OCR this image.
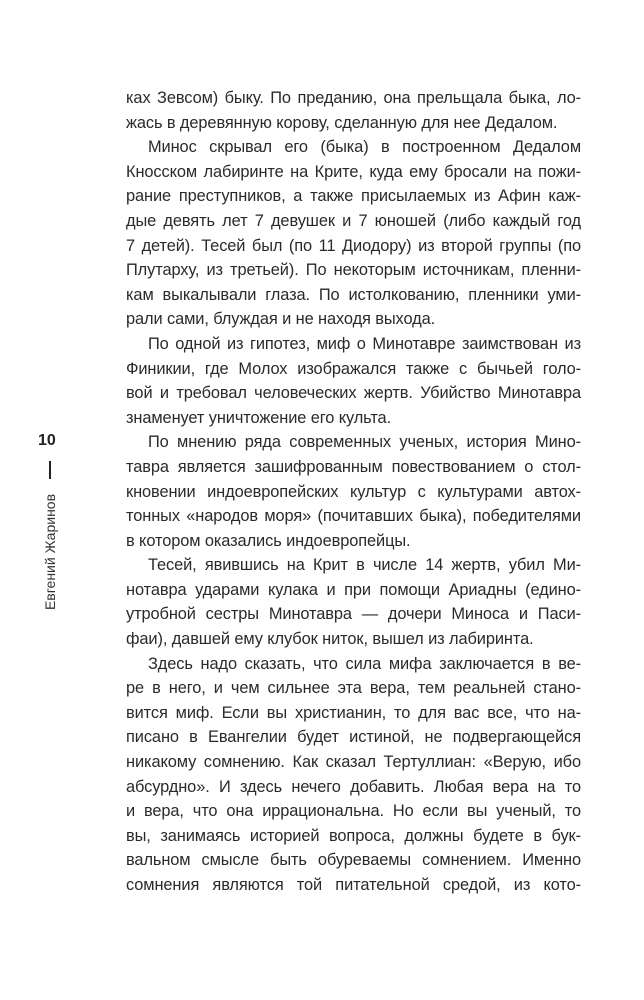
10
Евгений Жаринов
ках Зевсом) быку. По преданию, она прельщала быка, ло-
жась в деревянную корову, сделанную для нее Дедалом.
Минос скрывал его (быка) в построенном Дедалом
Кносском лабиринте на Крите, куда ему бросали на пожи-
рание преступников, а также присылаемых из Афин каж-
дые девять лет 7 девушек и 7 юношей (либо каждый год
7 детей). Тесей был (по 11 Диодору) из второй группы (по
Плутарху, из третьей). По некоторым источникам, пленни-
кам выкалывали глаза. По истолкованию, пленники уми-
рали сами, блуждая и не находя выхода.
По одной из гипотез, миф о Минотавре заимствован из
Финикии, где Молох изображался также с бычьей голо-
вой и требовал человеческих жертв. Убийство Минотавра
знаменует уничтожение его культа.
По мнению ряда современных ученых, история Мино-
тавра является зашифрованным повествованием о стол-
кновении индоевропейских культур с культурами автох-
тонных «народов моря» (почитавших быка), победителями
в котором оказались индоевропейцы.
Тесей, явившись на Крит в числе 14 жертв, убил Ми-
нотавра ударами кулака и при помощи Ариадны (едино-
утробной сестры Минотавра — дочери Миноса и Паси-
фаи), давшей ему клубок ниток, вышел из лабиринта.
Здесь надо сказать, что сила мифа заключается в ве-
ре в него, и чем сильнее эта вера, тем реальней стано-
вится миф. Если вы христианин, то для вас все, что на-
писано в Евангелии будет истиной, не подвергающейся
никакому сомнению. Как сказал Тертуллиан: «Верую, ибо
абсурдно». И здесь нечего добавить. Любая вера на то
и вера, что она иррациональна. Но если вы ученый, то
вы, занимаясь историей вопроса, должны будете в бук-
вальном смысле быть обуреваемы сомнением. Именно
сомнения являются той питательной средой, из кото-
